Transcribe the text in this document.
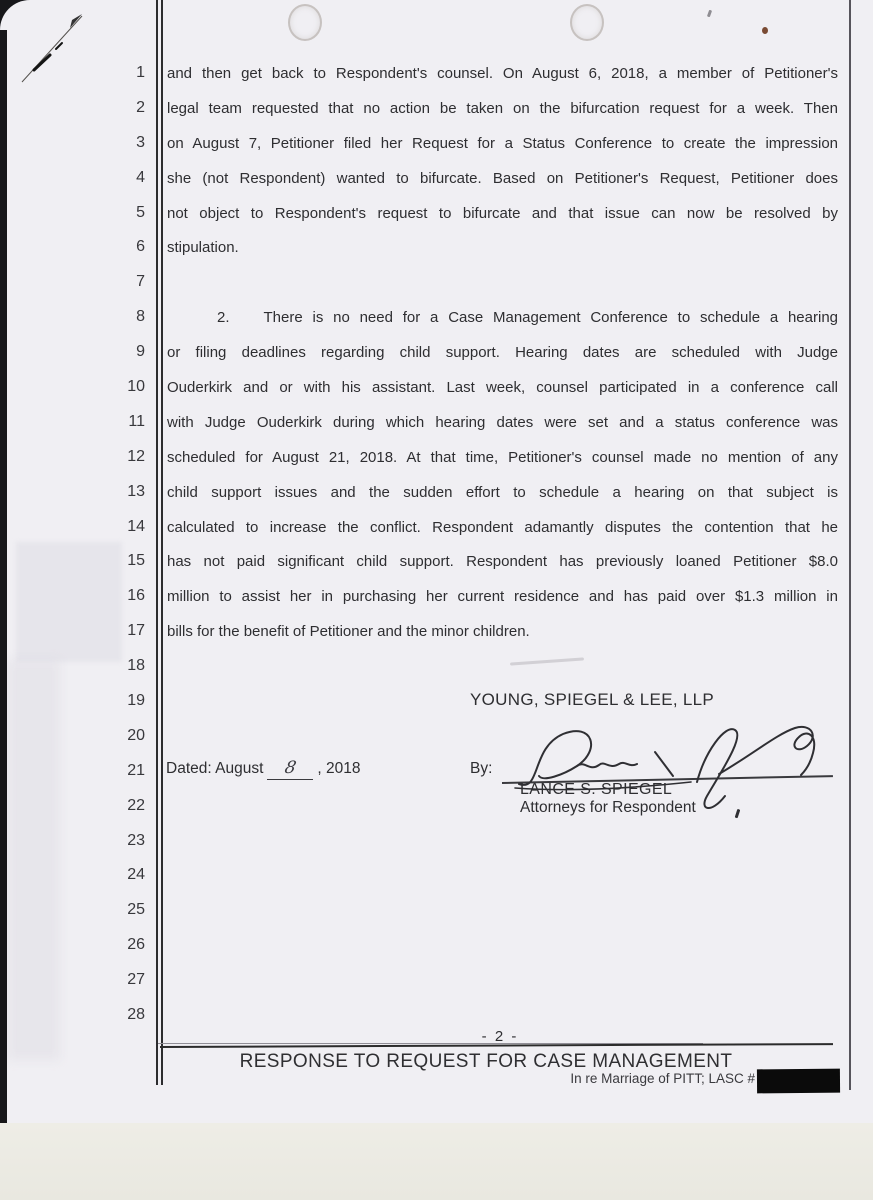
1
2
3
4
5
6
7
8
9
10
11
12
13
14
15
16
17
18
19
20
21
22
23
24
25
26
27
28
and then get back to Respondent's counsel. On August 6, 2018, a member of Petitioner's
legal team requested that no action be taken on the bifurcation request for a week. Then
on August 7, Petitioner filed her Request for a Status Conference to create the impression
she (not Respondent) wanted to bifurcate. Based on Petitioner's Request, Petitioner does
not object to Respondent's request to bifurcate and that issue can now be resolved by
stipulation.
2. There is no need for a Case Management Conference to schedule a hearing
or filing deadlines regarding child support. Hearing dates are scheduled with Judge
Ouderkirk and or with his assistant. Last week, counsel participated in a conference call
with Judge Ouderkirk during which hearing dates were set and a status conference was
scheduled for August 21, 2018. At that time, Petitioner's counsel made no mention of any
child support issues and the sudden effort to schedule a hearing on that subject is
calculated to increase the conflict. Respondent adamantly disputes the contention that he
has not paid significant child support. Respondent has previously loaned Petitioner $8.0
million to assist her in purchasing her current residence and has paid over $1.3 million in
bills for the benefit of Petitioner and the minor children.
YOUNG, SPIEGEL & LEE, LLP
Dated: August	8	, 2018	By:
LANCE S. SPIEGEL
Attorneys for Respondent
- 2 -
RESPONSE TO REQUEST FOR CASE MANAGEMENT
In re Marriage of PITT; LASC #
